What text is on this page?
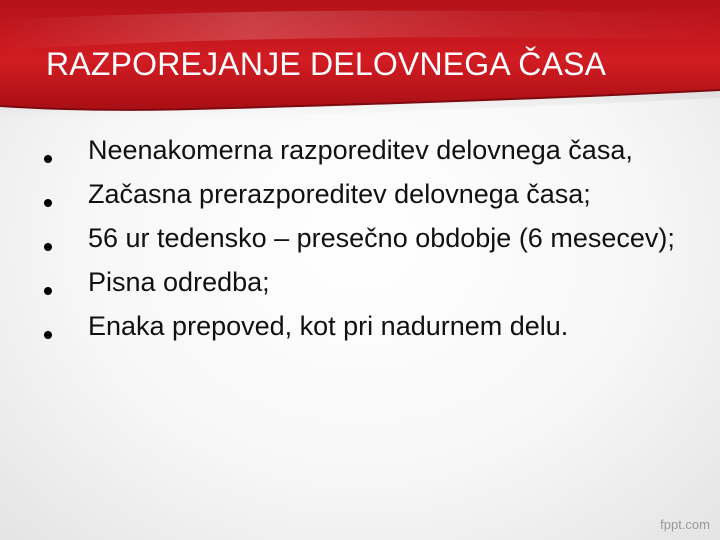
RAZPOREJANJE DELOVNEGA ČASA
Neenakomerna razporeditev delovnega časa,
Začasna prerazporeditev delovnega časa;
56 ur tedensko – presečno obdobje (6 mesecev);
Pisna odredba;
Enaka prepoved, kot pri nadurnem delu.
fppt.com
